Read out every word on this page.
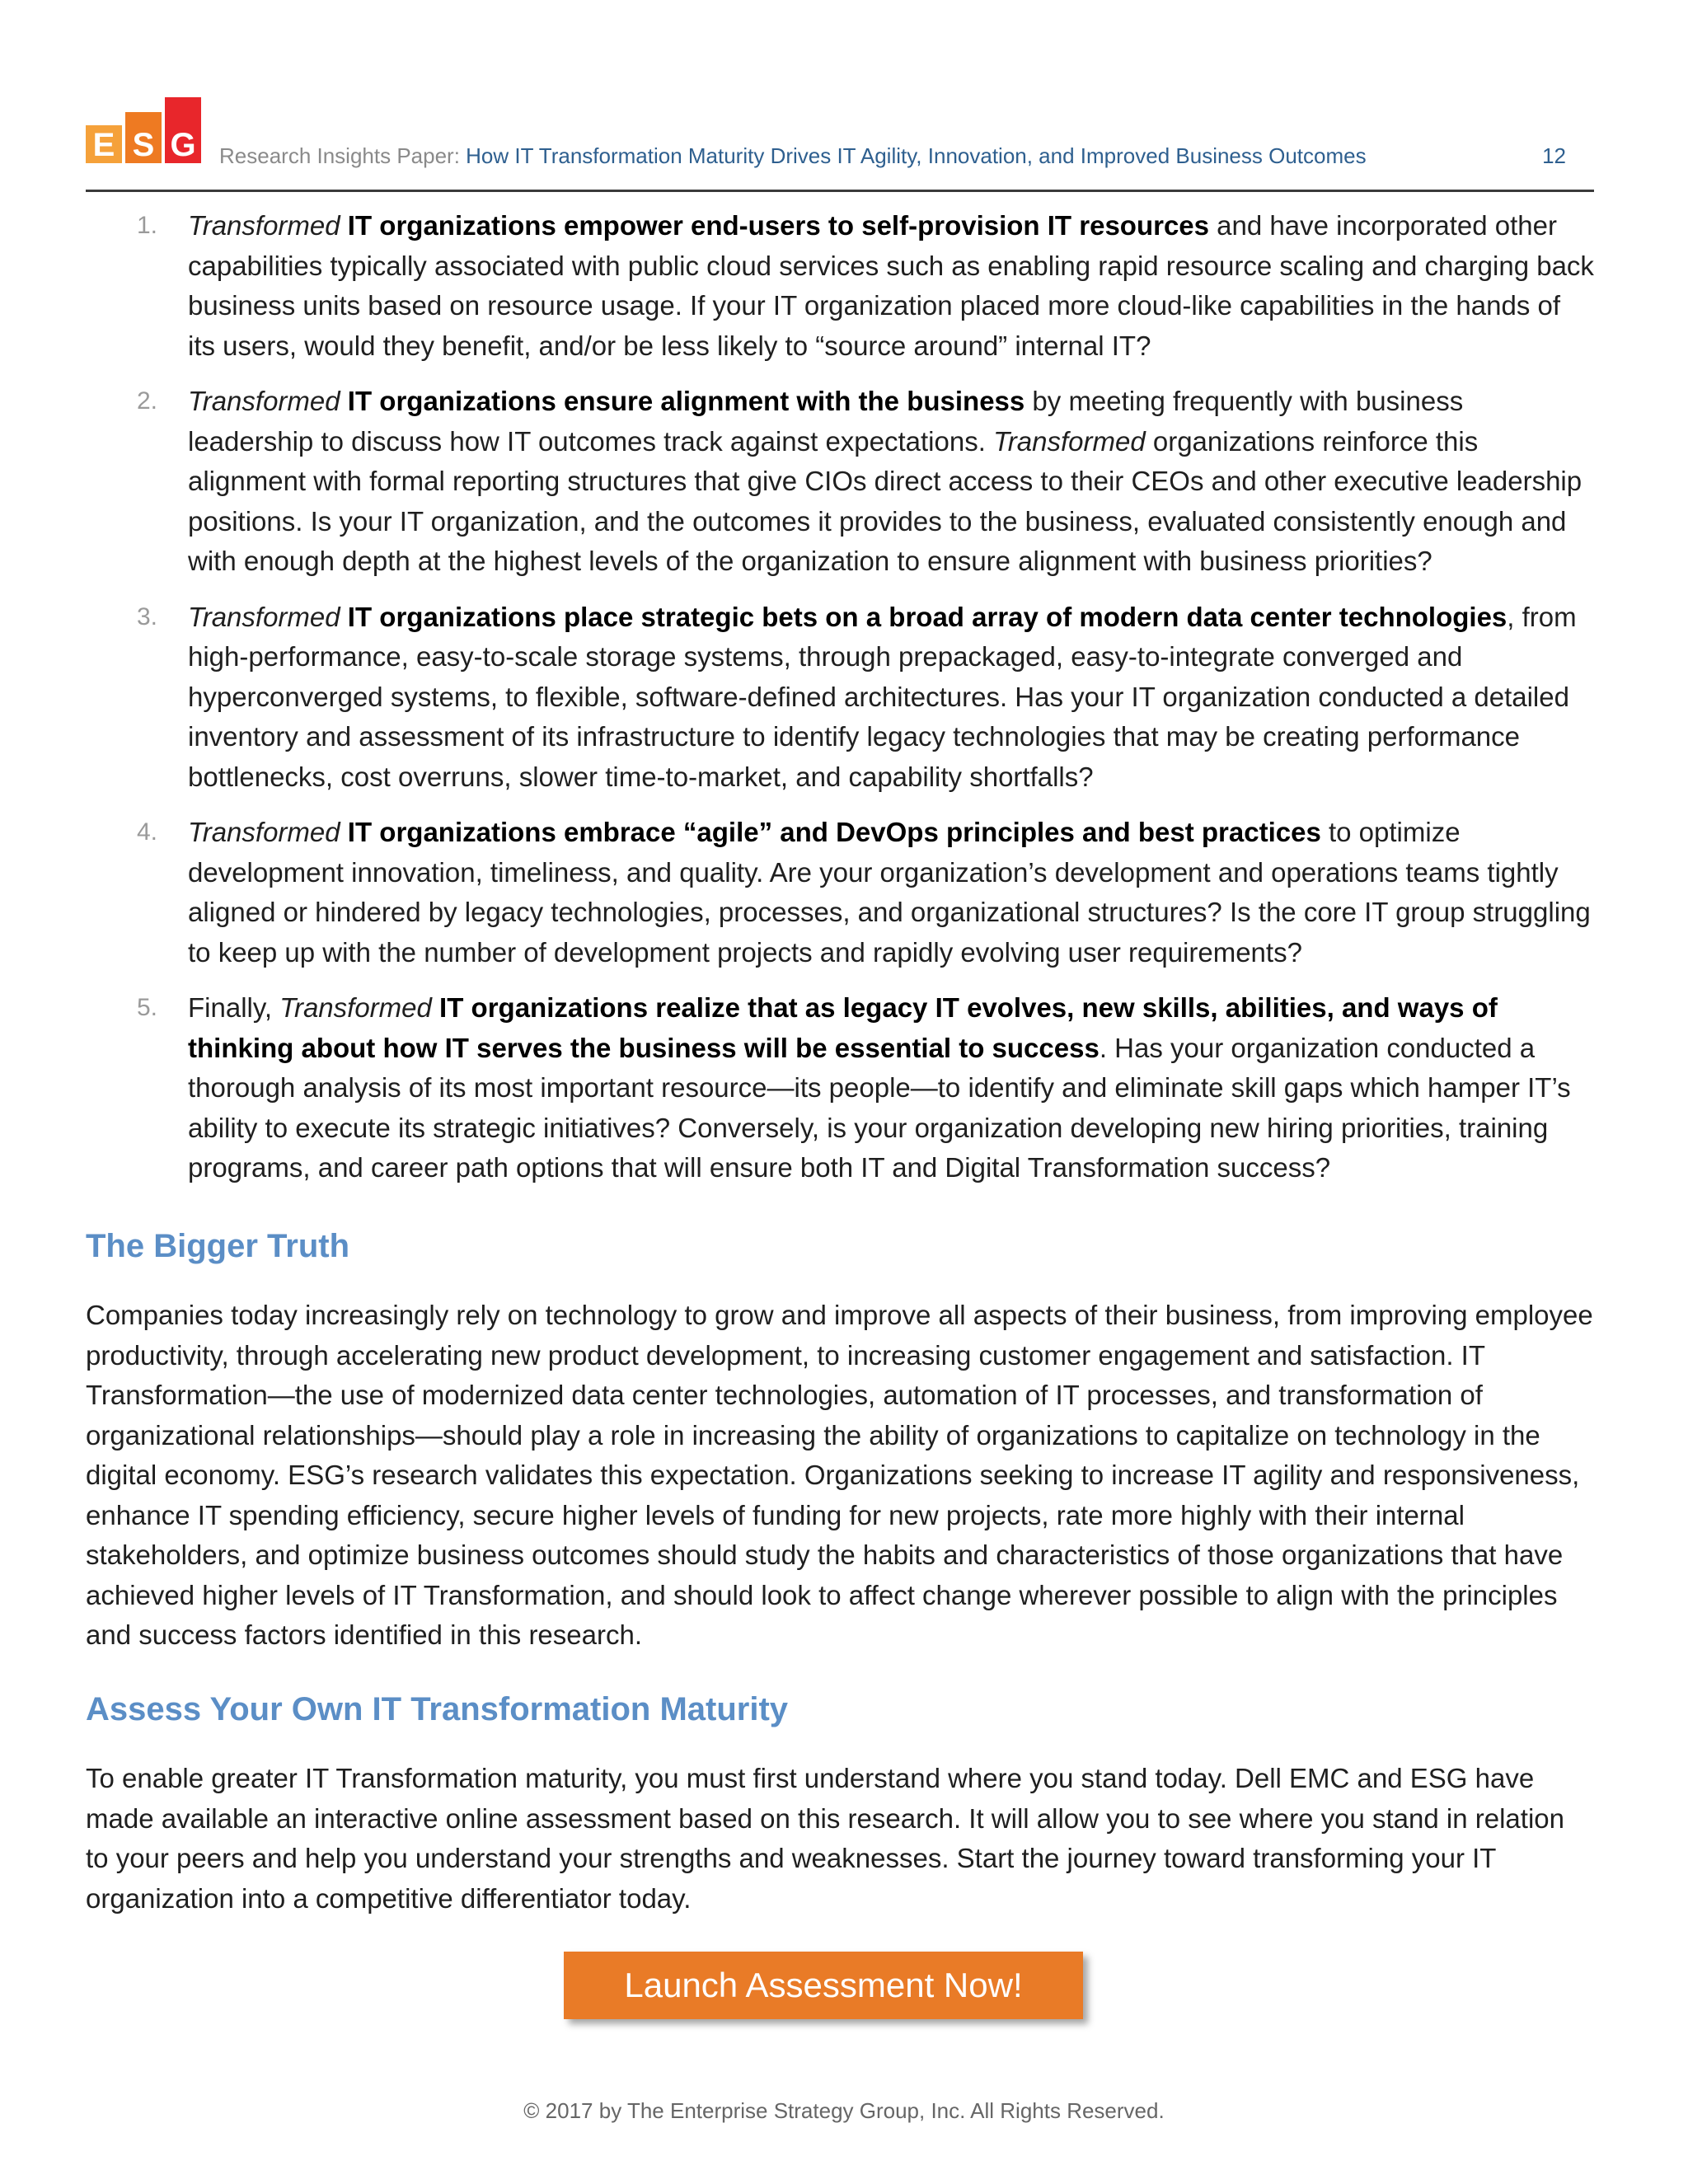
E S G Research Insights Paper: How IT Transformation Maturity Drives IT Agility, Innovation, and Improved Business Outcomes	12
1. Transformed IT organizations empower end-users to self-provision IT resources and have incorporated other capabilities typically associated with public cloud services such as enabling rapid resource scaling and charging back business units based on resource usage. If your IT organization placed more cloud-like capabilities in the hands of its users, would they benefit, and/or be less likely to “source around” internal IT?
2. Transformed IT organizations ensure alignment with the business by meeting frequently with business leadership to discuss how IT outcomes track against expectations. Transformed organizations reinforce this alignment with formal reporting structures that give CIOs direct access to their CEOs and other executive leadership positions. Is your IT organization, and the outcomes it provides to the business, evaluated consistently enough and with enough depth at the highest levels of the organization to ensure alignment with business priorities?
3. Transformed IT organizations place strategic bets on a broad array of modern data center technologies, from high-performance, easy-to-scale storage systems, through prepackaged, easy-to-integrate converged and hyperconverged systems, to flexible, software-defined architectures. Has your IT organization conducted a detailed inventory and assessment of its infrastructure to identify legacy technologies that may be creating performance bottlenecks, cost overruns, slower time-to-market, and capability shortfalls?
4. Transformed IT organizations embrace “agile” and DevOps principles and best practices to optimize development innovation, timeliness, and quality. Are your organization’s development and operations teams tightly aligned or hindered by legacy technologies, processes, and organizational structures? Is the core IT group struggling to keep up with the number of development projects and rapidly evolving user requirements?
5. Finally, Transformed IT organizations realize that as legacy IT evolves, new skills, abilities, and ways of thinking about how IT serves the business will be essential to success. Has your organization conducted a thorough analysis of its most important resource—its people—to identify and eliminate skill gaps which hamper IT’s ability to execute its strategic initiatives? Conversely, is your organization developing new hiring priorities, training programs, and career path options that will ensure both IT and Digital Transformation success?
The Bigger Truth

Companies today increasingly rely on technology to grow and improve all aspects of their business, from improving employee productivity, through accelerating new product development, to increasing customer engagement and satisfaction. IT Transformation—the use of modernized data center technologies, automation of IT processes, and transformation of organizational relationships—should play a role in increasing the ability of organizations to capitalize on technology in the digital economy. ESG’s research validates this expectation. Organizations seeking to increase IT agility and responsiveness, enhance IT spending efficiency, secure higher levels of funding for new projects, rate more highly with their internal stakeholders, and optimize business outcomes should study the habits and characteristics of those organizations that have achieved higher levels of IT Transformation, and should look to affect change wherever possible to align with the principles and success factors identified in this research.

Assess Your Own IT Transformation Maturity

To enable greater IT Transformation maturity, you must first understand where you stand today. Dell EMC and ESG have made available an interactive online assessment based on this research. It will allow you to see where you stand in relation to your peers and help you understand your strengths and weaknesses. Start the journey toward transforming your IT organization into a competitive differentiator today.

Launch Assessment Now!
© 2017 by The Enterprise Strategy Group, Inc. All Rights Reserved.
